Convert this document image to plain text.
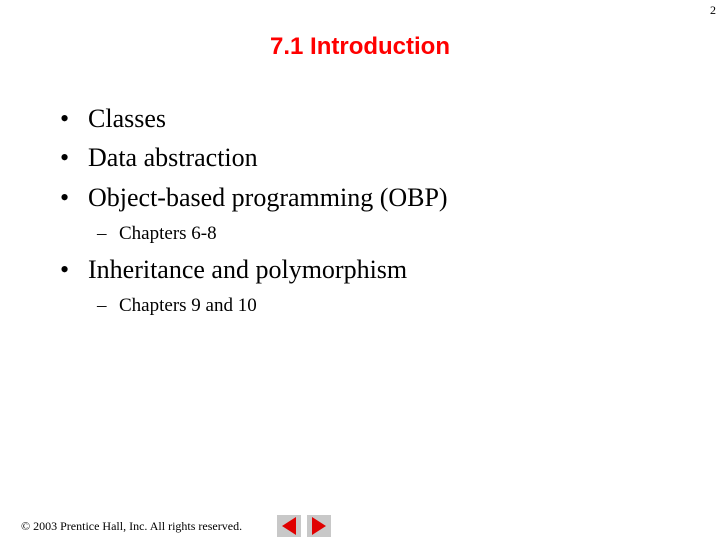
2
7.1 Introduction
• Classes
• Data abstraction
• Object-based programming (OBP)
– Chapters 6-8
• Inheritance and polymorphism
– Chapters 9 and 10
© 2003 Prentice Hall, Inc. All rights reserved.
